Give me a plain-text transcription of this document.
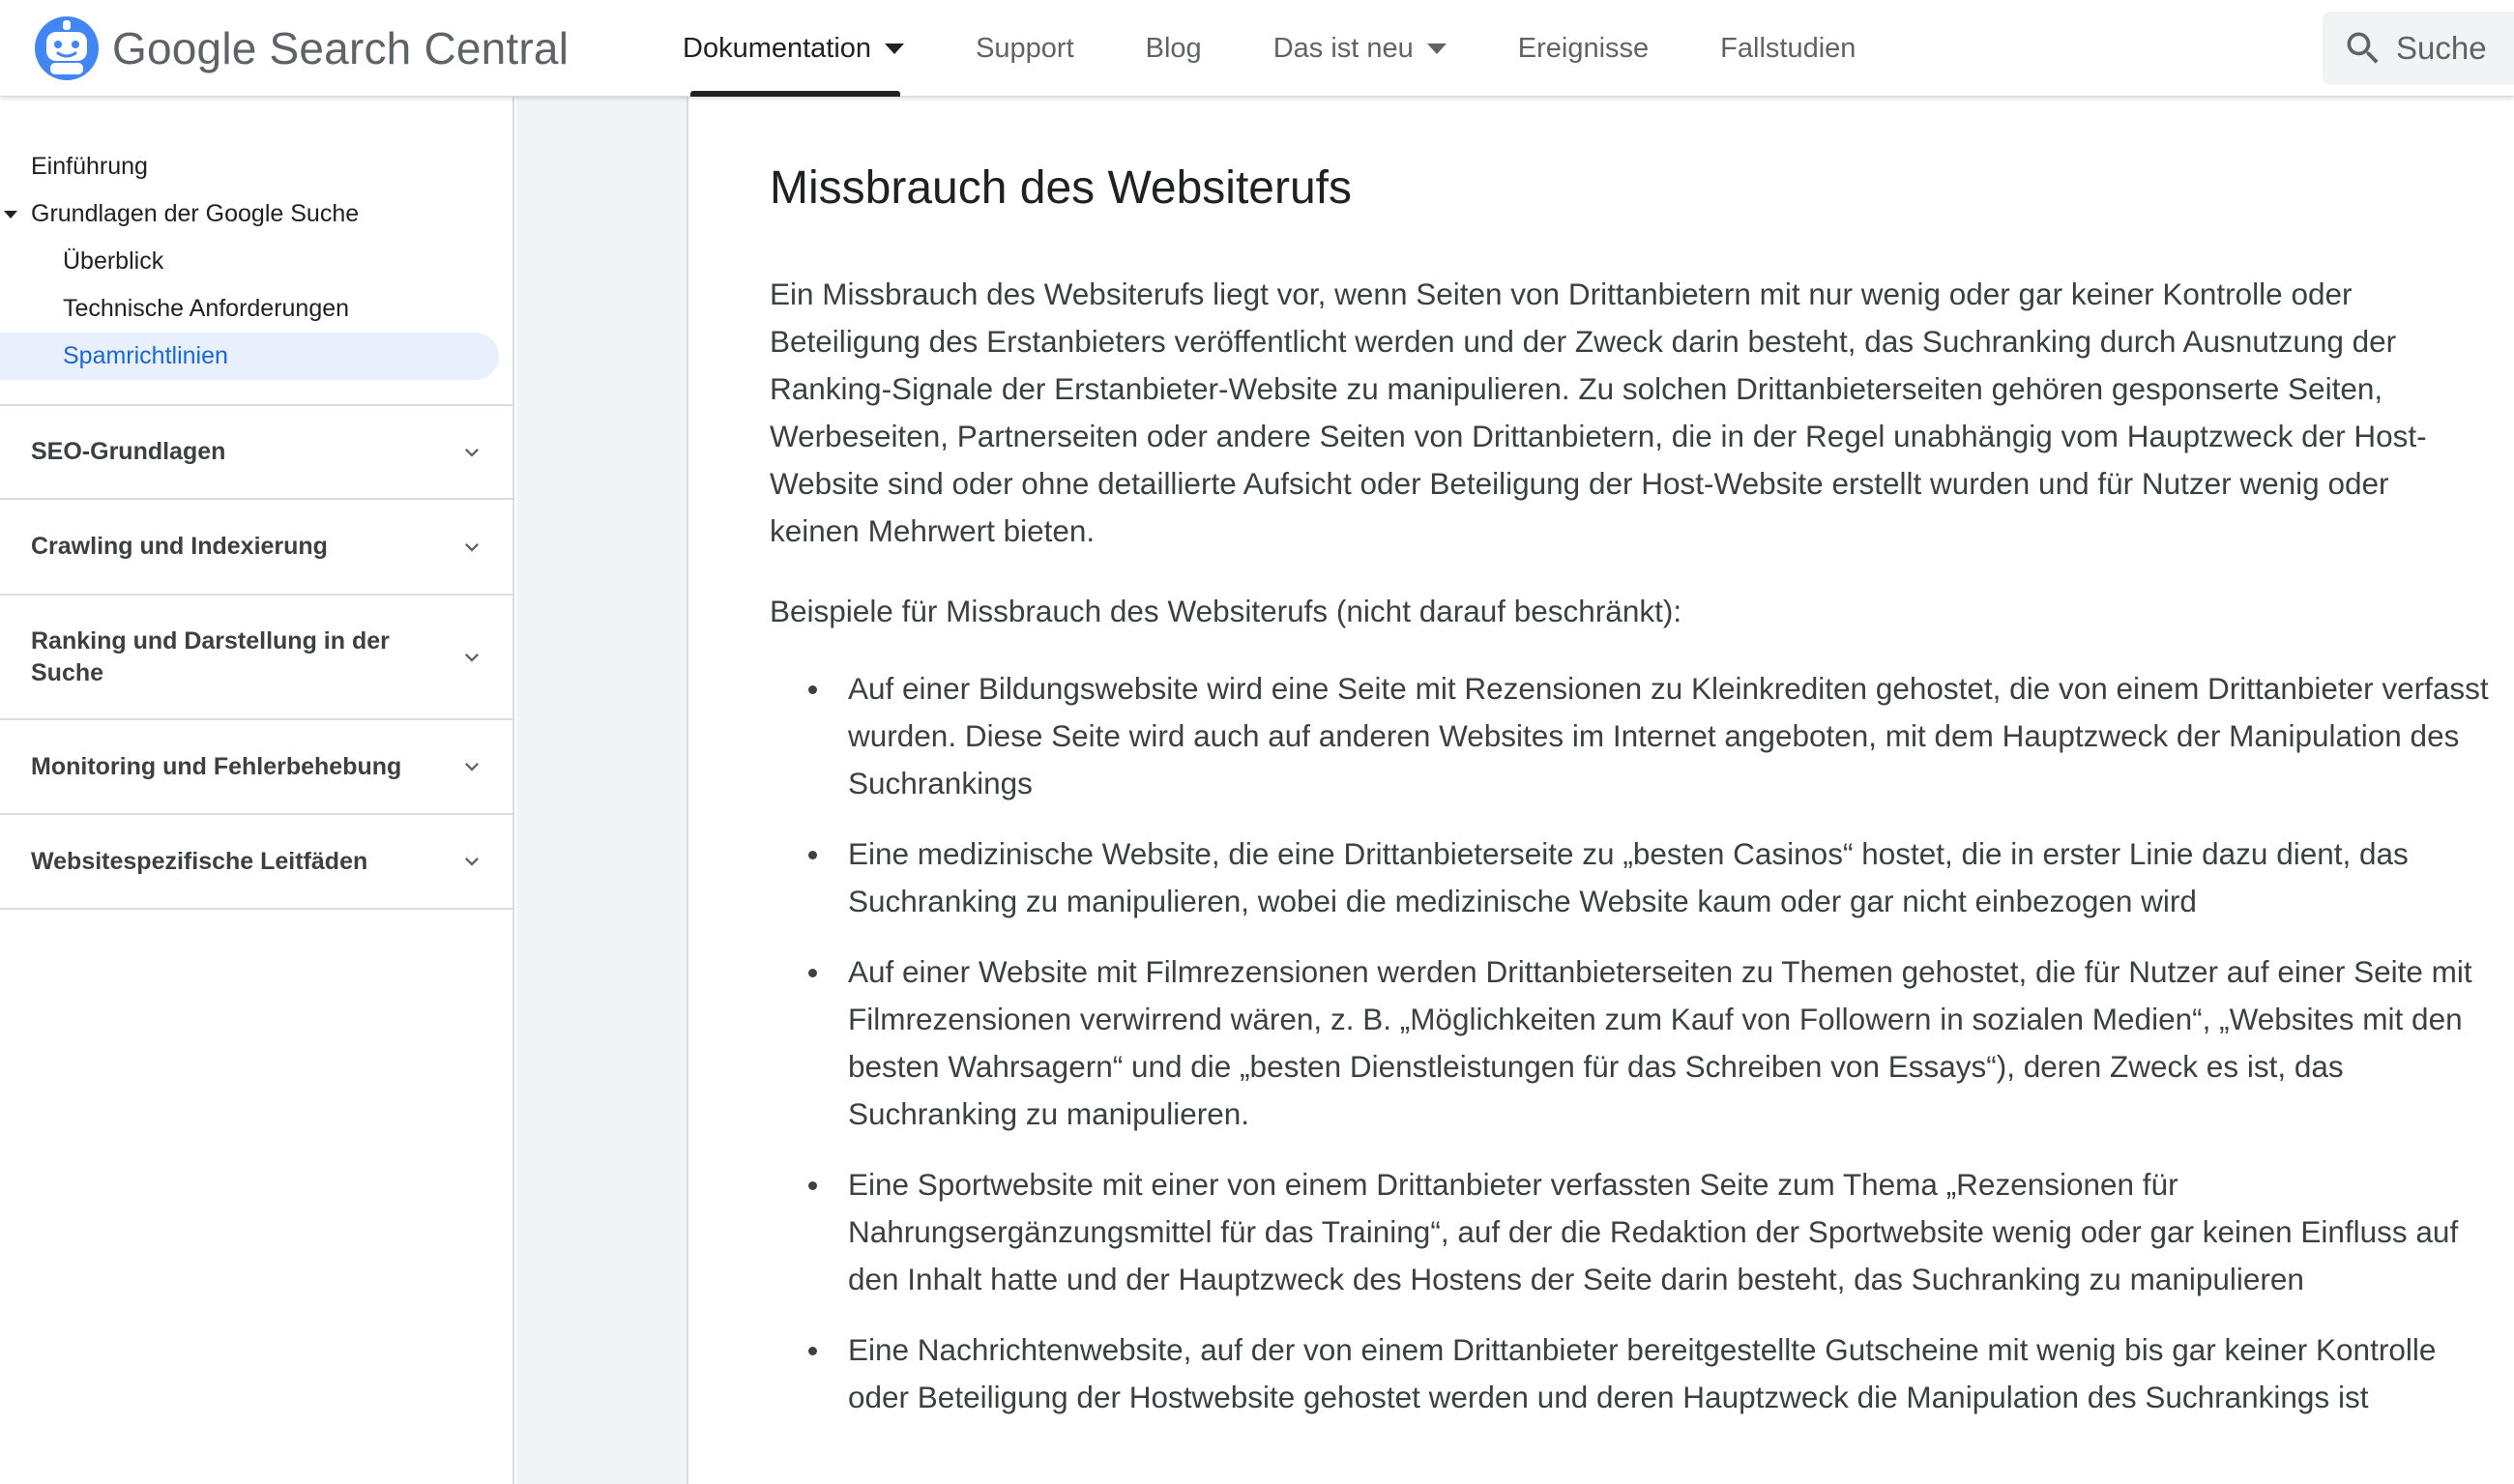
Google Search Central	Dokumentation	Support	Blog	Das ist neu	Ereignisse	Fallstudien
Suche
Einführung
Grundlagen der Google Suche
Überblick
Technische Anforderungen
Spamrichtlinien
SEO-Grundlagen
Crawling und Indexierung
Ranking und Darstellung in der Suche
Monitoring und Fehlerbehebung
Websitespezifische Leitfäden
Missbrauch des Websiterufs

Ein Missbrauch des Websiterufs liegt vor, wenn Seiten von Drittanbietern mit nur wenig oder gar keiner Kontrolle oder Beteiligung des Erstanbieters veröffentlicht werden und der Zweck darin besteht, das Suchranking durch Ausnutzung der Ranking-Signale der Erstanbieter-Website zu manipulieren. Zu solchen Drittanbieterseiten gehören gesponserte Seiten, Werbeseiten, Partnerseiten oder andere Seiten von Drittanbietern, die in der Regel unabhängig vom Hauptzweck der Host-Website sind oder ohne detaillierte Aufsicht oder Beteiligung der Host-Website erstellt wurden und für Nutzer wenig oder keinen Mehrwert bieten.

Beispiele für Missbrauch des Websiterufs (nicht darauf beschränkt):

Auf einer Bildungswebsite wird eine Seite mit Rezensionen zu Kleinkrediten gehostet, die von einem Drittanbieter verfasst wurden. Diese Seite wird auch auf anderen Websites im Internet angeboten, mit dem Hauptzweck der Manipulation des Suchrankings
Eine medizinische Website, die eine Drittanbieterseite zu „besten Casinos“ hostet, die in erster Linie dazu dient, das Suchranking zu manipulieren, wobei die medizinische Website kaum oder gar nicht einbezogen wird
Auf einer Website mit Filmrezensionen werden Drittanbieterseiten zu Themen gehostet, die für Nutzer auf einer Seite mit Filmrezensionen verwirrend wären, z. B. „Möglichkeiten zum Kauf von Followern in sozialen Medien“, „Websites mit den besten Wahrsagern“ und die „besten Dienstleistungen für das Schreiben von Essays“), deren Zweck es ist, das Suchranking zu manipulieren.
Eine Sportwebsite mit einer von einem Drittanbieter verfassten Seite zum Thema „Rezensionen für Nahrungsergänzungsmittel für das Training“, auf der die Redaktion der Sportwebsite wenig oder gar keinen Einfluss auf den Inhalt hatte und der Hauptzweck des Hostens der Seite darin besteht, das Suchranking zu manipulieren
Eine Nachrichtenwebsite, auf der von einem Drittanbieter bereitgestellte Gutscheine mit wenig bis gar keiner Kontrolle oder Beteiligung der Hostwebsite gehostet werden und deren Hauptzweck die Manipulation des Suchrankings ist
